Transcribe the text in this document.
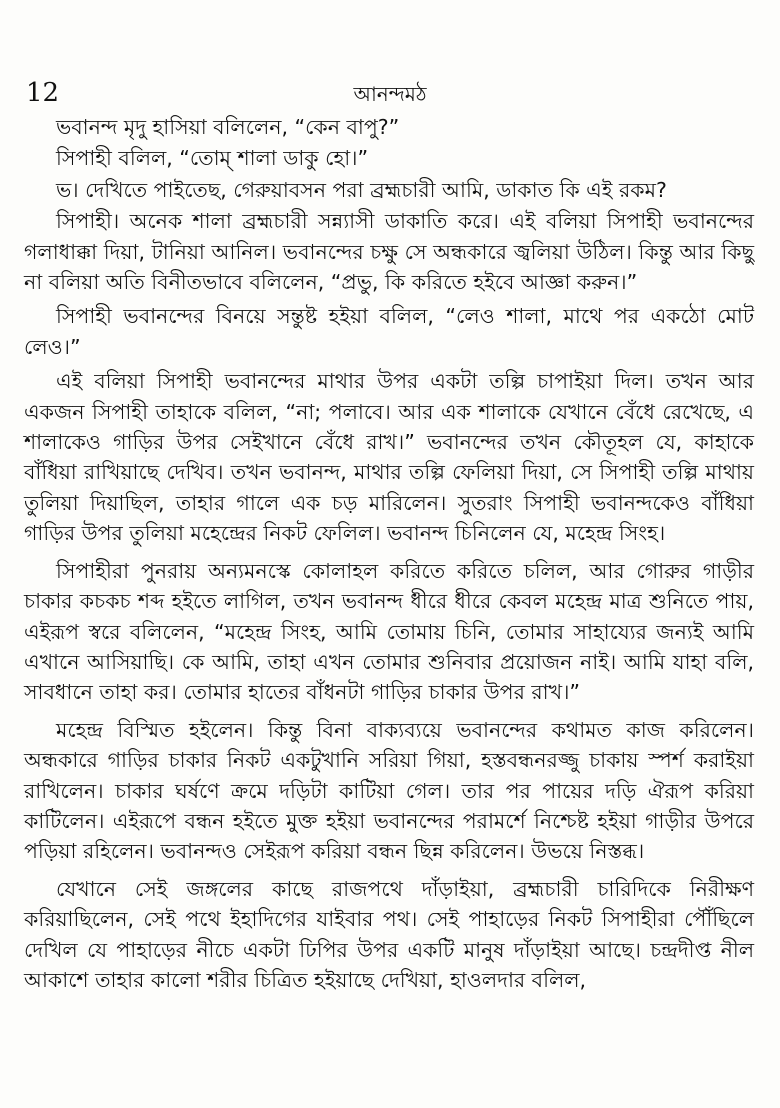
12	আনন্দমঠ

ভবানন্দ মৃদু হাসিয়া বলিলেন, “কেন বাপু?”

সিপাহী বলিল, “তোম্ শালা ডাকু হো।”

ভ। দেখিতে পাইতেছ, গেরুয়াবসন পরা ব্রহ্মচারী আমি, ডাকাত কি এই রকম?

সিপাহী। অনেক শালা ব্রহ্মচারী সন্ন্যাসী ডাকাতি করে। এই বলিয়া সিপাহী ভবানন্দের গলাধাক্কা দিয়া, টানিয়া আনিল। ভবানন্দের চক্ষু সে অন্ধকারে জ্বলিয়া উঠিল। কিন্তু আর কিছু না বলিয়া অতি বিনীতভাবে বলিলেন, “প্রভু, কি করিতে হইবে আজ্ঞা করুন।”

সিপাহী ভবানন্দের বিনয়ে সন্তুষ্ট হইয়া বলিল, “লেও শালা, মাথে পর একঠো মোট লেও।”

এই বলিয়া সিপাহী ভবানন্দের মাথার উপর একটা তল্পি চাপাইয়া দিল। তখন আর একজন সিপাহী তাহাকে বলিল, “না; পলাবে। আর এক শালাকে যেখানে বেঁধে রেখেছে, এ শালাকেও গাড়ির উপর সেইখানে বেঁধে রাখ।” ভবানন্দের তখন কৌতূহল যে, কাহাকে বাঁধিয়া রাখিয়াছে দেখিব। তখন ভবানন্দ, মাথার তল্পি ফেলিয়া দিয়া, সে সিপাহী তল্পি মাথায় তুলিয়া দিয়াছিল, তাহার গালে এক চড় মারিলেন। সুতরাং সিপাহী ভবানন্দকেও বাঁধিয়া গাড়ির উপর তুলিয়া মহেন্দ্রের নিকট ফেলিল। ভবানন্দ চিনিলেন যে, মহেন্দ্র সিংহ।

সিপাহীরা পুনরায় অন্যমনস্কে কোলাহল করিতে করিতে চলিল, আর গোরুর গাড়ীর চাকার কচকচ শব্দ হইতে লাগিল, তখন ভবানন্দ ধীরে ধীরে কেবল মহেন্দ্র মাত্র শুনিতে পায়, এইরূপ স্বরে বলিলেন, “মহেন্দ্র সিংহ, আমি তোমায় চিনি, তোমার সাহায্যের জন্যই আমি এখানে আসিয়াছি। কে আমি, তাহা এখন তোমার শুনিবার প্রয়োজন নাই। আমি যাহা বলি, সাবধানে তাহা কর। তোমার হাতের বাঁধনটা গাড়ির চাকার উপর রাখ।”

মহেন্দ্র বিস্মিত হইলেন। কিন্তু বিনা বাক্যব্যয়ে ভবানন্দের কথামত কাজ করিলেন। অন্ধকারে গাড়ির চাকার নিকট একটুখানি সরিয়া গিয়া, হস্তবন্ধনরজ্জু চাকায় স্পর্শ করাইয়া রাখিলেন। চাকার ঘর্ষণে ক্রমে দড়িটা কাটিয়া গেল। তার পর পায়ের দড়ি ঐরূপ করিয়া কাটিলেন। এইরূপে বন্ধন হইতে মুক্ত হইয়া ভবানন্দের পরামর্শে নিশ্চেষ্ট হইয়া গাড়ীর উপরে পড়িয়া রহিলেন। ভবানন্দও সেইরূপ করিয়া বন্ধন ছিন্ন করিলেন। উভয়ে নিস্তব্ধ।

যেখানে সেই জঙ্গলের কাছে রাজপথে দাঁড়াইয়া, ব্রহ্মচারী চারিদিকে নিরীক্ষণ করিয়াছিলেন, সেই পথে ইহাদিগের যাইবার পথ। সেই পাহাড়ের নিকট সিপাহীরা পৌঁছিলে দেখিল যে পাহাড়ের নীচে একটা ঢিপির উপর একটি মানুষ দাঁড়াইয়া আছে। চন্দ্রদীপ্ত নীল আকাশে তাহার কালো শরীর চিত্রিত হইয়াছে দেখিয়া, হাওলদার বলিল,
